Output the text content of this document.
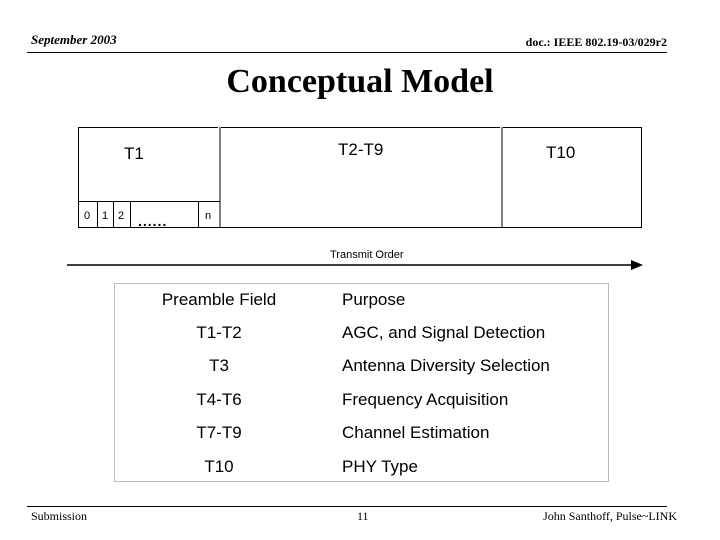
September 2003	doc.: IEEE 802.19-03/029r2
Conceptual Model
T1	T2-T9	T10
0 1 2 ......	n
Transmit Order
Preamble Field	Purpose
T1-T2	AGC, and Signal Detection
T3	Antenna Diversity Selection
T4-T6	Frequency Acquisition
T7-T9	Channel Estimation
T10	PHY Type
Submission	11	John Santhoff, Pulse~LINK
